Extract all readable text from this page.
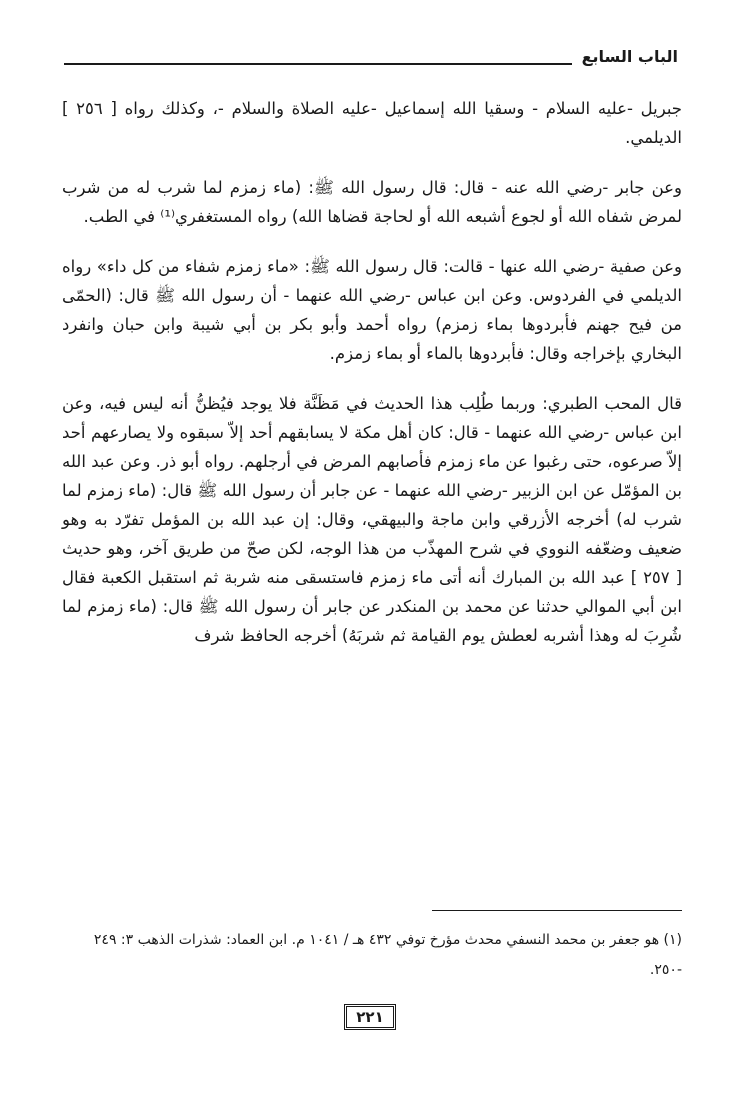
الباب السابع

جبريل -عليه السلام - وسقيا الله إسماعيل -عليه الصلاة والسلام -، وكذلك رواه [ ٢٥٦ ] الديلمي.

وعن جابر -رضي الله عنه - قال: قال رسول الله ﷺ: (ماء زمزم لما شرب له من شرب لمرض شفاه الله أو لجوع أشبعه الله أو لحاجة قضاها الله) رواه المستغفري⁽¹⁾ في الطب.

وعن صفية -رضي الله عنها - قالت: قال رسول الله ﷺ: «ماء زمزم شفاء من كل داء» رواه الديلمي في الفردوس. وعن ابن عباس -رضي الله عنهما - أن رسول الله ﷺ قال: (الحمّى من فيح جهنم فأبردوها بماء زمزم) رواه أحمد وأبو بكر بن أبي شيبة وابن حبان وانفرد البخاري بإخراجه وقال: فأبردوها بالماء أو بماء زمزم.

قال المحب الطبري: وربما طُلِب هذا الحديث في مَظَنَّة فلا يوجد فيُظنُّ أنه ليس فيه، وعن ابن عباس -رضي الله عنهما - قال: كان أهل مكة لا يسابقهم أحد إلاّ سبقوه ولا يصارعهم أحد إلاّ صرعوه، حتى رغبوا عن ماء زمزم فأصابهم المرض في أرجلهم. رواه أبو ذر. وعن عبد الله بن المؤمّل عن ابن الزبير -رضي الله عنهما - عن جابر أن رسول الله ﷺ قال: (ماء زمزم لما شرب له) أخرجه الأزرقي وابن ماجة والبيهقي، وقال: إن عبد الله بن المؤمل تفرّد به وهو ضعيف وضعّفه النووي في شرح المهذّب من هذا الوجه، لكن صحّ من طريق آخر، وهو حديث [ ٢٥٧ ] عبد الله بن المبارك أنه أتى ماء زمزم فاستسقى منه شربة ثم استقبل الكعبة فقال ابن أبي الموالي حدثنا عن محمد بن المنكدر عن جابر أن رسول الله ﷺ قال: (ماء زمزم لما شُرِبَ له وهذا أشربه لعطش يوم القيامة ثم شربَهُ) أخرجه الحافظ شرف

(١) هو جعفر بن محمد النسفي محدث مؤرخ توفي ٤٣٢ هـ / ١٠٤١ م. ابن العماد: شذرات الذهب ٣: ٢٤٩ -٢٥٠.
٢٢١
